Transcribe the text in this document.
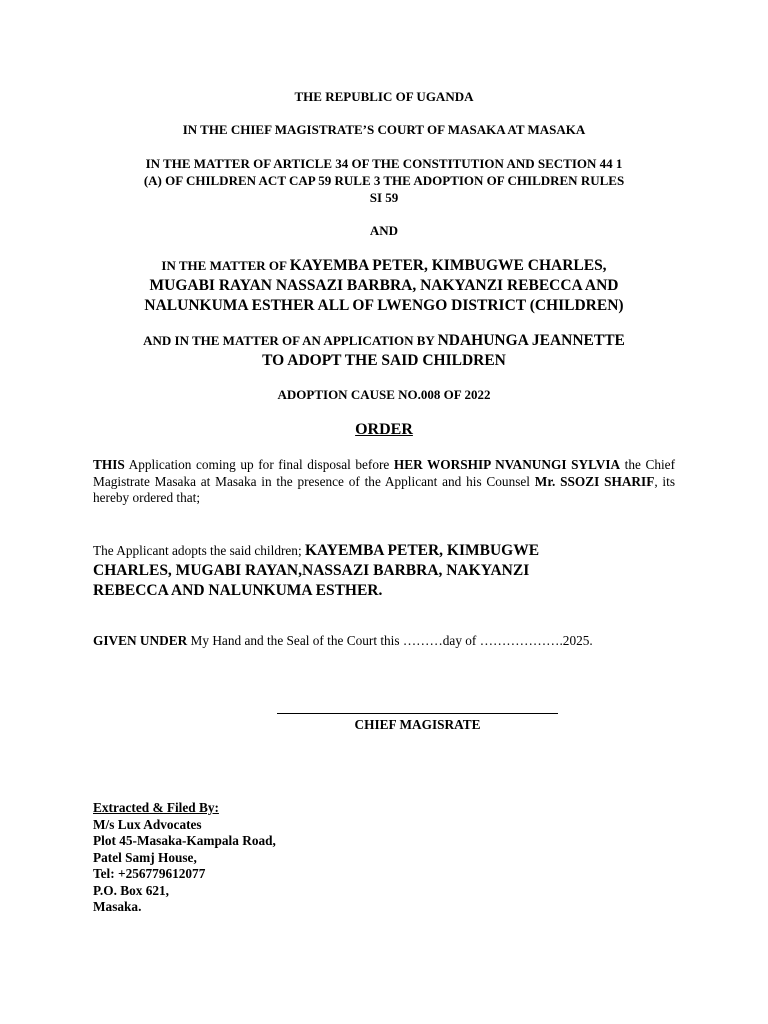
THE REPUBLIC OF UGANDA
IN THE CHIEF MAGISTRATE’S COURT OF MASAKA AT MASAKA
IN THE MATTER OF ARTICLE 34 OF THE CONSTITUTION AND SECTION 44 1
(A) OF CHILDREN ACT CAP 59 RULE 3 THE ADOPTION OF CHILDREN RULES
SI 59
AND
IN THE MATTER OF KAYEMBA PETER, KIMBUGWE CHARLES,
MUGABI RAYAN NASSAZI BARBRA, NAKYANZI REBECCA AND
NALUNKUMA ESTHER ALL OF LWENGO DISTRICT (CHILDREN)
AND IN THE MATTER OF AN APPLICATION BY NDAHUNGA JEANNETTE
TO ADOPT THE SAID CHILDREN
ADOPTION CAUSE NO.008 OF 2022
ORDER

THIS Application coming up for final disposal before HER WORSHIP NVANUNGI SYLVIA the Chief Magistrate Masaka at Masaka in the presence of the Applicant and his Counsel Mr. SSOZI SHARIF, its hereby ordered that;

The Applicant adopts the said children; KAYEMBA PETER, KIMBUGWE
CHARLES, MUGABI RAYAN,NASSAZI BARBRA, NAKYANZI
REBECCA AND NALUNKUMA ESTHER.

GIVEN UNDER My Hand and the Seal of the Court this ………day of ……………….2025.

CHIEF MAGISRATE
Extracted & Filed By:
M/s Lux Advocates
Plot 45-Masaka-Kampala Road,
Patel Samj House,
Tel: +256779612077
P.O. Box 621,
Masaka.
